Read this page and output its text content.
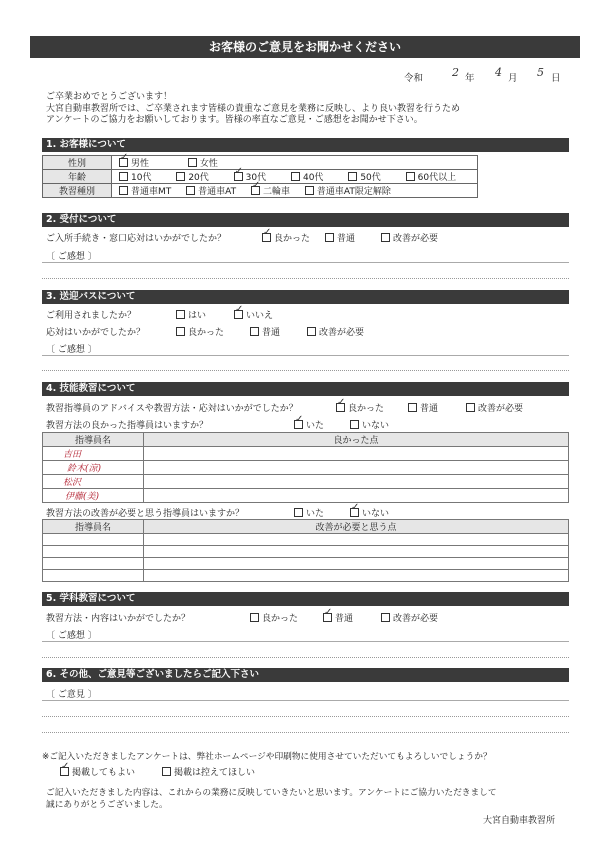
お客様のご意見をお聞かせください
令和	2 年 4 月 5 日
ご卒業おめでとうございます！
大宮自動車教習所では、ご卒業されます皆様の貴重なご意見を業務に反映し、より良い教習を行うため
アンケートのご協力をお願いしております。皆様の率直なご意見・ご感想をお聞かせ下さい。
1. お客様について
性別	✓男性 女性
年齢	10代 20代 ✓ 30代 40代 50代 60代以上
教習種別	普通車MT 普通車AT ✓ 二輪車 普通車AT限定解除
2. 受付について
ご入所手続き・窓口応対はいかがでしたか？ ✓	良かった	普通	改善が必要
〔 ご感想 〕
3. 送迎バスについて
ご利用されましたか？	はい ✓	いいえ
応対はいかがでしたか？	良かった	普通	改善が必要
〔 ご感想 〕
4. 技能教習について
教習指導員のアドバイスや教習方法・応対はいかがでしたか？ ✓	良かった	普通	改善が必要
教習方法の良かった指導員はいますか？ ✓	いた	いない
指導員名	良かった点
吉田	
鈴木(涼)	
松沢	
伊藤(美)	
教習方法の改善が必要と思う指導員はいますか？	いた ✓	いない
指導員名	改善が必要と思う点

5. 学科教習について
教習方法・内容はいかがでしたか？	良かった ✓	普通	改善が必要
〔 ご感想 〕
6. その他、ご意見等ございましたらご記入下さい
〔 ご意見 〕
※ご記入いただきましたアンケートは、弊社ホームページや印刷物に使用させていただいてもよろしいでしょうか？
✓掲載してもよい	掲載は控えてほしい
ご記入いただきました内容は、これからの業務に反映していきたいと思います。アンケートにご協力いただきまして
誠にありがとうございました。
大宮自動車教習所
